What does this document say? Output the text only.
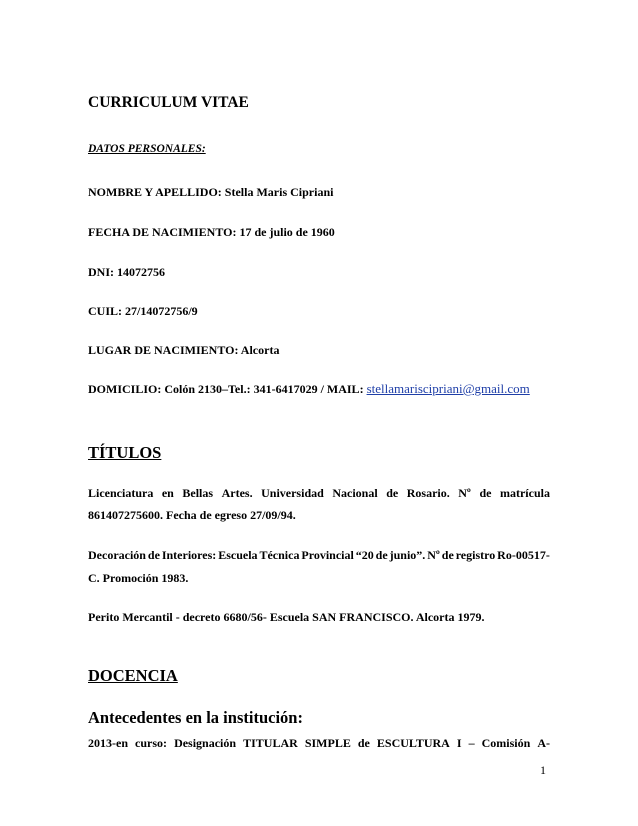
CURRICULUM VITAE
DATOS PERSONALES:
NOMBRE Y APELLIDO: Stella Maris Cipriani
FECHA DE NACIMIENTO: 17 de julio de 1960
DNI: 14072756
CUIL: 27/14072756/9
LUGAR DE NACIMIENTO: Alcorta
DOMICILIO: Colón 2130–Tel.: 341-6417029 / MAIL: stellamariscipriani@gmail.com
TÍTULOS
Licenciatura en Bellas Artes. Universidad Nacional de Rosario. Nº de matrícula
861407275600. Fecha de egreso 27/09/94.
Decoración de Interiores: Escuela Técnica Provincial “20 de junio”. Nº de registro Ro-00517-
C. Promoción 1983.
Perito Mercantil - decreto 6680/56- Escuela SAN FRANCISCO. Alcorta 1979.
DOCENCIA
Antecedentes en la institución:
2013-en curso: Designación TITULAR SIMPLE de ESCULTURA I – Comisión A-
1
